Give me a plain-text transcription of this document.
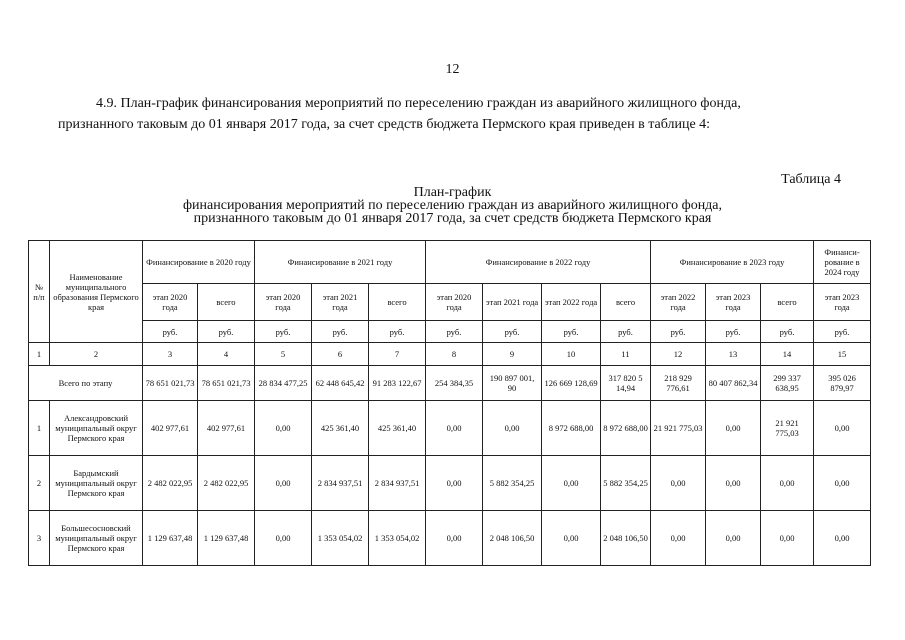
12
4.9. План-график финансирования мероприятий по переселению граждан из аварийного жилищного фонда,
признанного таковым до 01 января 2017 года, за счет средств бюджета Пермского края приведен в таблице 4:
Таблица 4
План-график
финансирования мероприятий по переселению граждан из аварийного жилищного фонда,
признанного таковым до 01 января 2017 года, за счет средств бюджета Пермского края
№ п/п	Наименование муниципального образования Пермского края	Финансирование в 2020 году		Финансирование в 2021 году			Финансирование в 2022 году				Финансирование в 2023 году			Финанси-рование в 2024 году
		этап 2020 года	всего	этап 2020 года	этап 2021 года	всего	этап 2020 года	этап 2021 года	этап 2022 года	всего	этап 2022 года	этап 2023 года	всего	этап 2023 года
		руб.	руб.	руб.	руб.	руб.	руб.	руб.	руб.	руб.	руб.	руб.	руб.	руб.
1	2	3	4	5	6	7	8	9	10	11	12	13	14	15
Всего по этапу		78 651 021,73	78 651 021,73	28 834 477,25	62 448 645,42	91 283 122,67	254 384,35	190 897 001, 90	126 669 128,69	317 820 5 14,94	218 929 776,61	80 407 862,34	299 337 638,95	395 026 879,97
1	Александровский муниципальный округ Пермского края	402 977,61	402 977,61	0,00	425 361,40	425 361,40	0,00	0,00	8 972 688,00	8 972 688,00	21 921 775,03	0,00	21 921 775,03	0,00
2	Бардымский муниципальный округ Пермского края	2 482 022,95	2 482 022,95	0,00	2 834 937,51	2 834 937,51	0,00	5 882 354,25	0,00	5 882 354,25	0,00	0,00	0,00	0,00
3	Большесосновский муниципальный округ Пермского края	1 129 637,48	1 129 637,48	0,00	1 353 054,02	1 353 054,02	0,00	2 048 106,50	0,00	2 048 106,50	0,00	0,00	0,00	0,00
